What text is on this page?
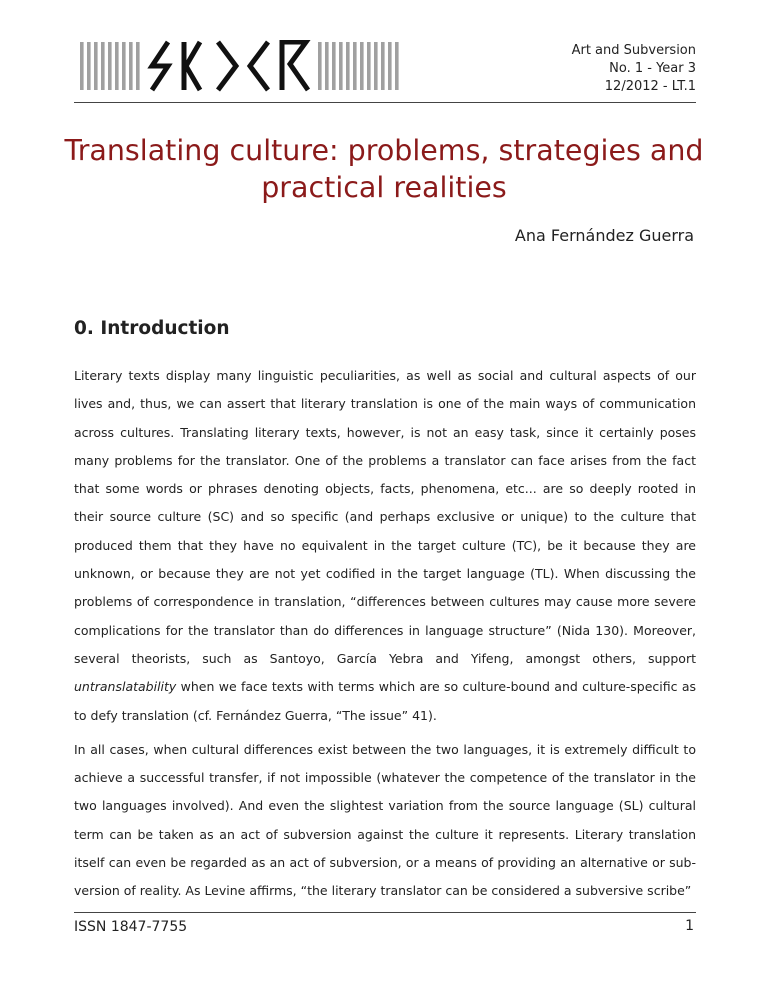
Art and Subversion
No. 1 - Year 3
12/2012 - LT.1
Translating culture: problems, strategies and practical realities
Ana Fernández Guerra
0. Introduction

Literary texts display many linguistic peculiarities, as well as social and cultural aspects of our lives and, thus, we can assert that literary translation is one of the main ways of communication across cultures. Translating literary texts, however, is not an easy task, since it certainly poses many problems for the translator. One of the problems a translator can face arises from the fact that some words or phrases denoting objects, facts, phenomena, etc... are so deeply rooted in their source culture (SC) and so specific (and perhaps exclusive or unique) to the culture that produced them that they have no equivalent in the target culture (TC), be it because they are unknown, or because they are not yet codified in the target language (TL). When discussing the problems of correspondence in translation, “differences between cultures may cause more severe complications for the translator than do differences in language structure” (Nida 130). Moreover, several theorists, such as Santoyo, García Yebra and Yifeng, amongst others, support untranslatability when we face texts with terms which are so culture-bound and culture-specific as to defy translation (cf. Fernández Guerra, “The issue” 41).

In all cases, when cultural differences exist between the two languages, it is extremely difficult to achieve a successful transfer, if not impossible (whatever the competence of the translator in the two languages involved). And even the slightest variation from the source language (SL) cultural term can be taken as an act of subversion against the culture it represents. Literary translation itself can even be regarded as an act of subversion, or a means of providing an alternative or sub-version of reality. As Levine affirms, “the literary translator can be considered a subversive scribe”

ISSN 1847-7755	1
